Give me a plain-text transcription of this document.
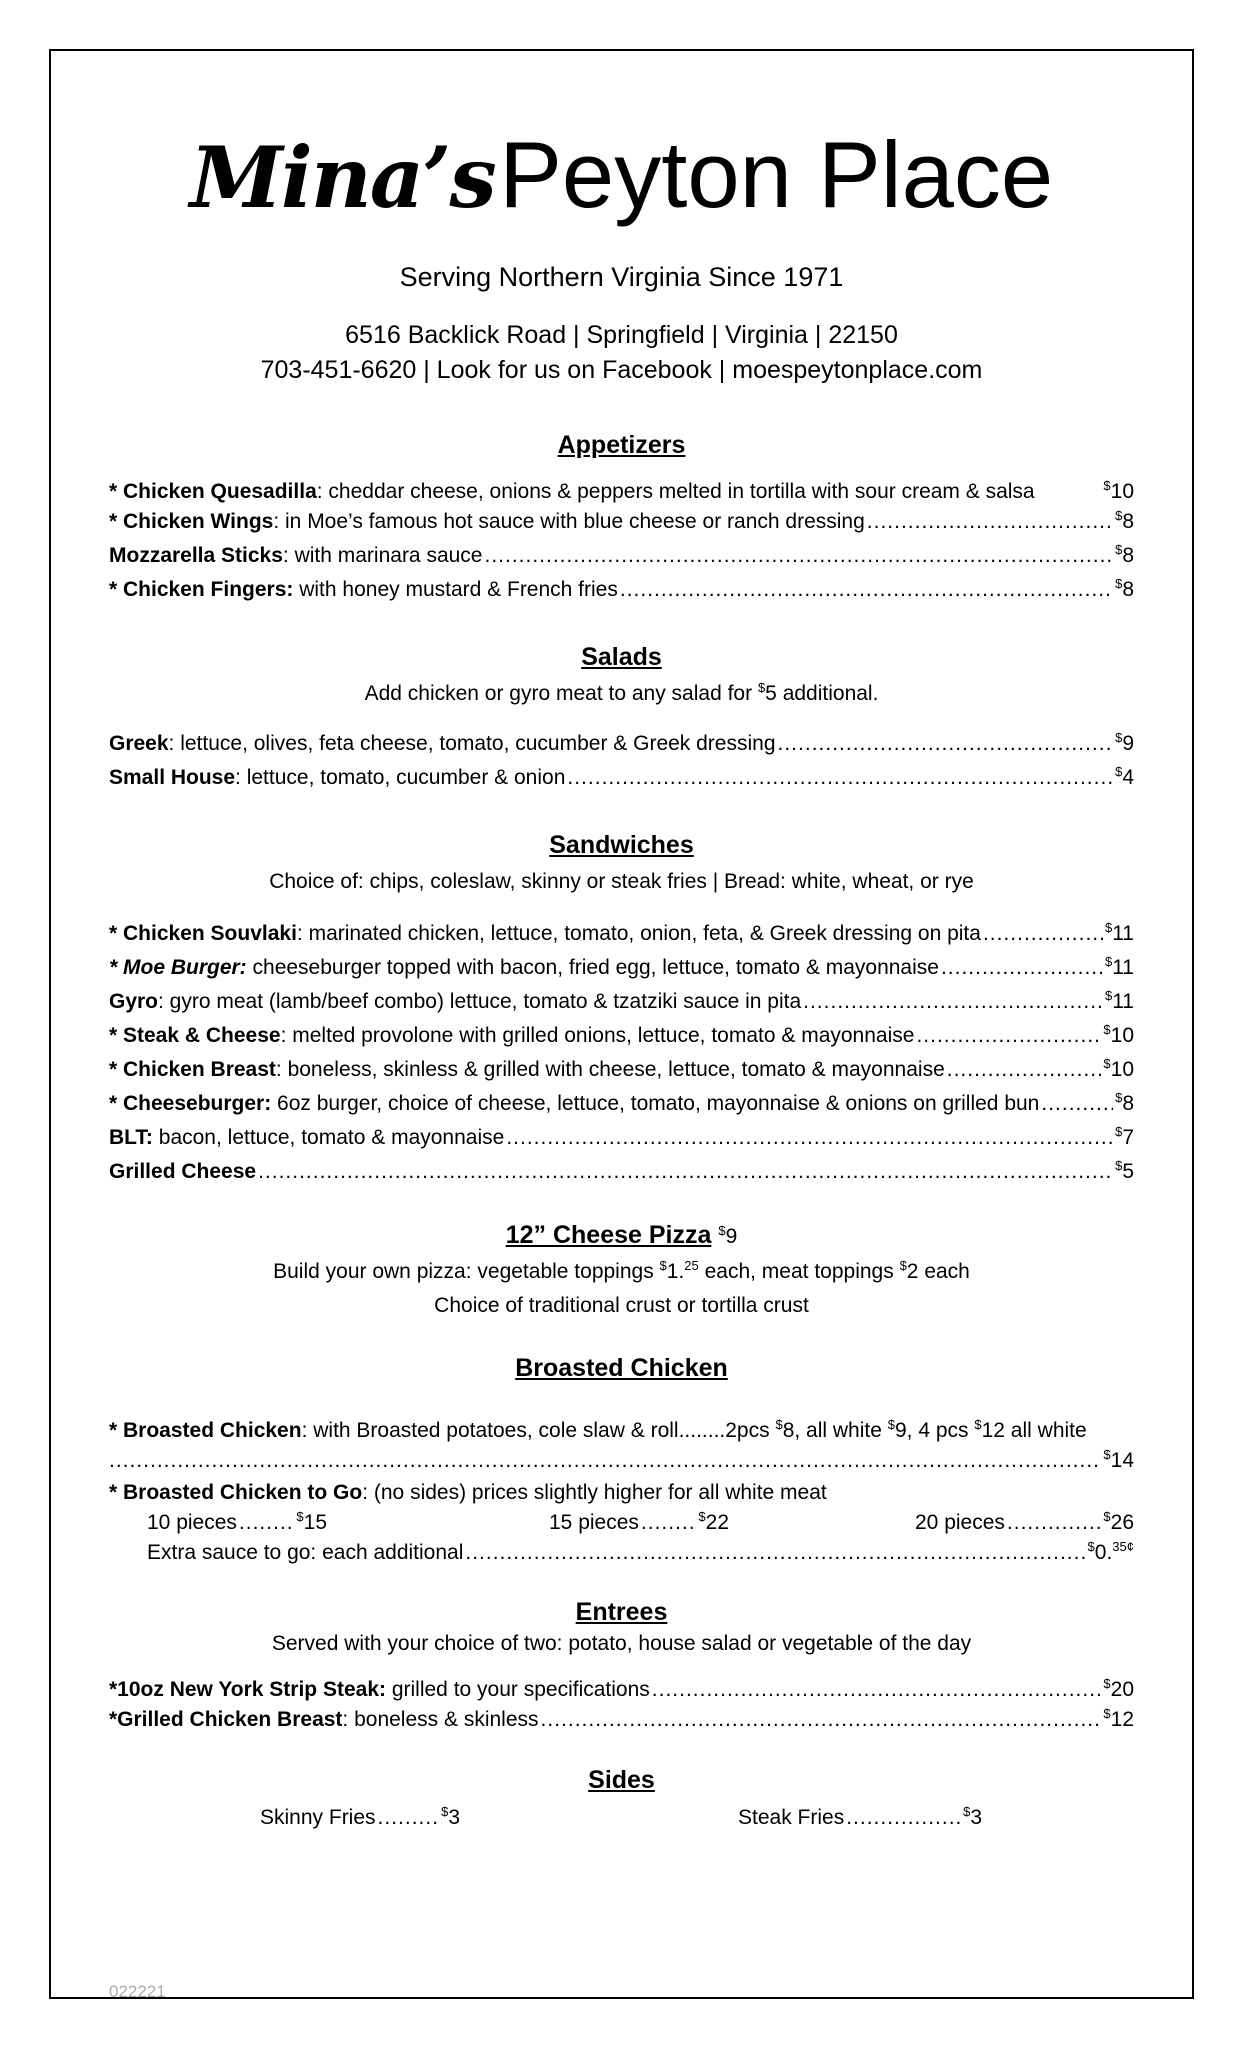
Mina’s Peyton Place
Serving Northern Virginia Since 1971
6516 Backlick Road | Springfield | Virginia | 22150
703-451-6620 | Look for us on Facebook | moespeytonplace.com
Appetizers
* Chicken Quesadilla: cheddar cheese, onions & peppers melted in tortilla with sour cream & salsa	$10
* Chicken Wings: in Moe’s famous hot sauce with blue cheese or ranch dressing .....	$8
Mozzarella Sticks: with marinara sauce .....	$8
* Chicken Fingers: with honey mustard & French fries .....	$8
Salads
Add chicken or gyro meat to any salad for $5 additional.
Greek: lettuce, olives, feta cheese, tomato, cucumber & Greek dressing .....	$9
Small House: lettuce, tomato, cucumber & onion .....	$4
Sandwiches
Choice of: chips, coleslaw, skinny or steak fries | Bread: white, wheat, or rye
* Chicken Souvlaki: marinated chicken, lettuce, tomato, onion, feta, & Greek dressing on pita .....	$11
* Moe Burger: cheeseburger topped with bacon, fried egg, lettuce, tomato & mayonnaise .....	$11
Gyro: gyro meat (lamb/beef combo) lettuce, tomato & tzatziki sauce in pita .....	$11
* Steak & Cheese: melted provolone with grilled onions, lettuce, tomato & mayonnaise .....	$10
* Chicken Breast: boneless, skinless & grilled with cheese, lettuce, tomato & mayonnaise .....	$10
* Cheeseburger: 6oz burger, choice of cheese, lettuce, tomato, mayonnaise & onions on grilled bun .....	$8
BLT: bacon, lettuce, tomato & mayonnaise .....	$7
Grilled Cheese .....	$5
12” Cheese Pizza $9
Build your own pizza: vegetable toppings $1.25 each, meat toppings $2 each
Choice of traditional crust or tortilla crust
Broasted Chicken
* Broasted Chicken: with Broasted potatoes, cole slaw & roll........2pcs $8, all white $9, 4 pcs $12 all white
.....
$14
* Broasted Chicken to Go: (no sides) prices slightly higher for all white meat
10 pieces .....	$15	15 pieces .....	$22	20 pieces .....	$26
Extra sauce to go: each additional .....	$0.$^{35¢}$
Entrees
Served with your choice of two: potato, house salad or vegetable of the day
*10oz New York Strip Steak: grilled to your specifications .....	$20
*Grilled Chicken Breast: boneless & skinless .....	$12
Sides
Skinny Fries .....	$3	Steak Fries .....	$3
022221
